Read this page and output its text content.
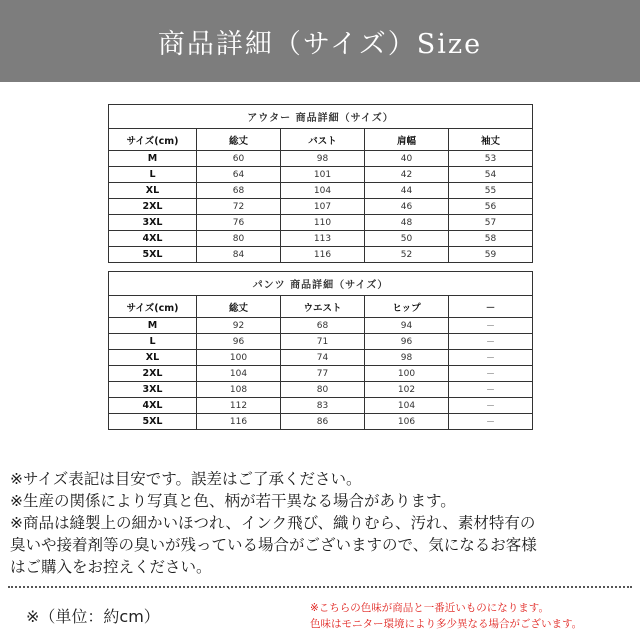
商品詳細（サイズ）Size
アウター 商品詳細（サイズ）				
サイズ(cm)	総丈	バスト	肩幅	袖丈
M	60	98	40	53
L	64	101	42	54
XL	68	104	44	55
2XL	72	107	46	56
3XL	76	110	48	57
4XL	80	113	50	58
5XL	84	116	52	59
パンツ 商品詳細（サイズ）				
サイズ(cm)	総丈	ウエスト	ヒップ	－
M	92	68	94	－
L	96	71	96	－
XL	100	74	98	－
2XL	104	77	100	－
3XL	108	80	102	－
4XL	112	83	104	－
5XL	116	86	106	－
※サイズ表記は目安です。誤差はご了承ください。
※生産の関係により写真と色、柄が若干異なる場合があります。
※商品は縫製上の細かいほつれ、インク飛び、織りむら、汚れ、素材特有の
臭いや接着剤等の臭いが残っている場合がございますので、気になるお客様
はご購入をお控えください。
※（単位：約cm）	※こちらの色味が商品と一番近いものになります。
色味はモニター環境により多少異なる場合がございます。
